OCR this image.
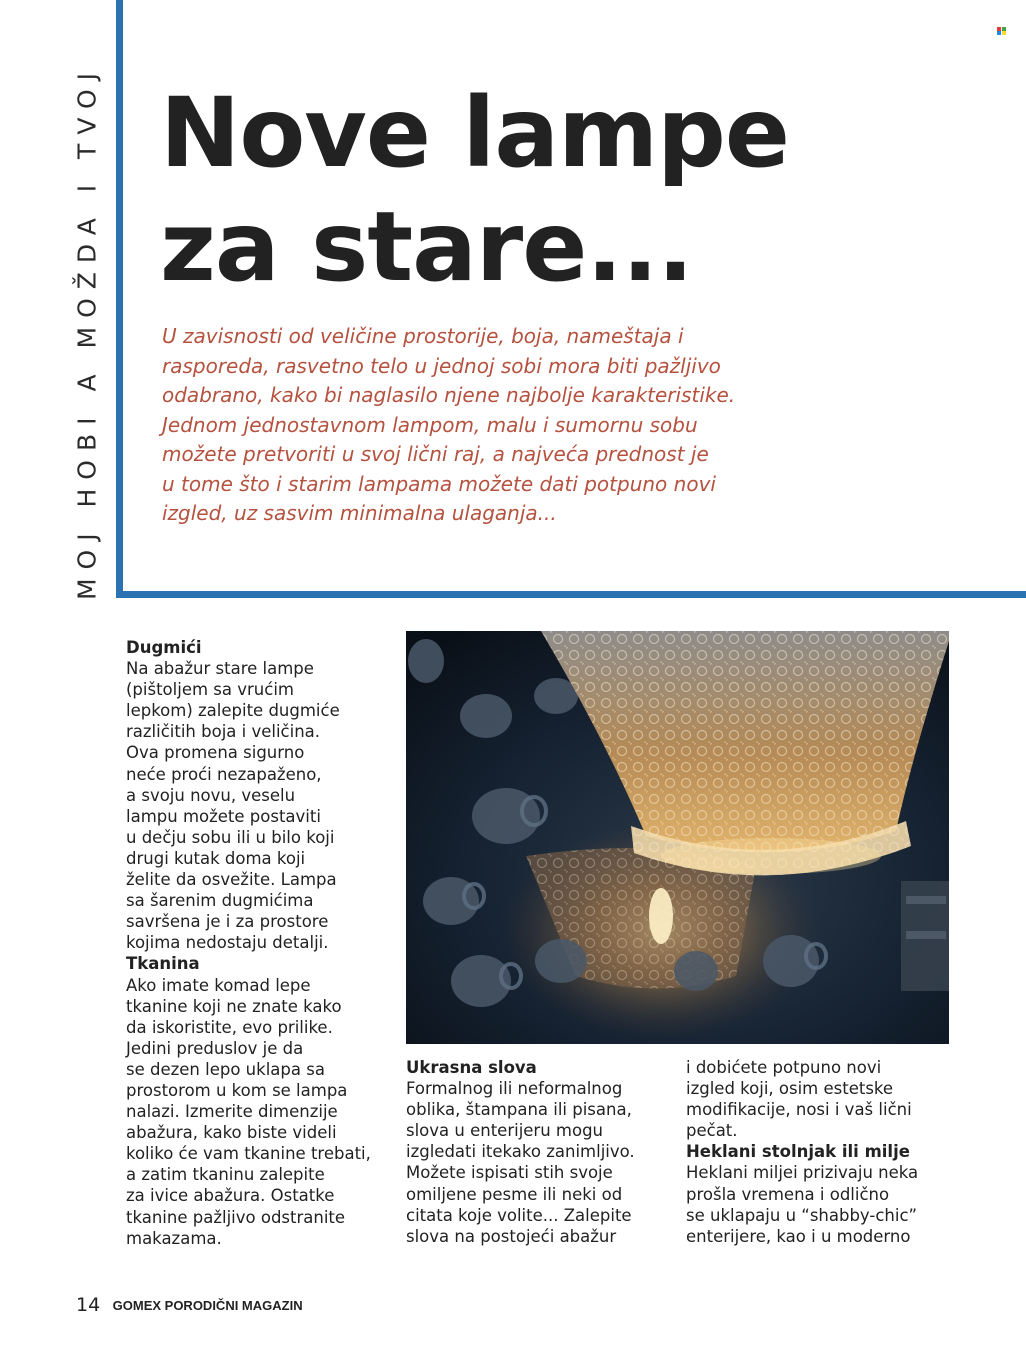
MOJ HOBI A MOŽDA I TVOJ Nove lampe
za stare...

U zavisnosti od veličine prostorije, boja, nameštaja i
rasporeda, rasvetno telo u jednoj sobi mora biti pažljivo
odabrano, kako bi naglasilo njene najbolje karakteristike.
Jednom jednostavnom lampom, malu i sumornu sobu
možete pretvoriti u svoj lični raj, a najveća prednost je
u tome što i starim lampama možete dati potpuno novi
izgled, uz sasvim minimalna ulaganja...

Dugmići
Na abažur stare lampe
(pištoljem sa vrućim
lepkom) zalepite dugmiće
različitih boja i veličina.
Ova promena sigurno
neće proći nezapaženo,
a svoju novu, veselu
lampu možete postaviti
u dečju sobu ili u bilo koji
drugi kutak doma koji
želite da osvežite. Lampa
sa šarenim dugmićima
savršena je i za prostore
kojima nedostaju detalji.
Tkanina
Ako imate komad lepe
tkanine koji ne znate kako
da iskoristite, evo prilike.
Jedini preduslov je da
se dezen lepo uklapa sa
prostorom u kom se lampa
nalazi. Izmerite dimenzije
abažura, kako biste videli
koliko će vam tkanine trebati,
a zatim tkaninu zalepite
za ivice abažura. Ostatke
tkanine pažljivo odstranite
makazama.
Ukrasna slova
Formalnog ili neformalnog
oblika, štampana ili pisana,
slova u enterijeru mogu
izgledati itekako zanimljivo.
Možete ispisati stih svoje
omiljene pesme ili neki od
citata koje volite... Zalepite
slova na postojeći abažur
i dobićete potpuno novi
izgled koji, osim estetske
modifikacije, nosi i vaš lični
pečat.
Heklani stolnjak ili milje
Heklani miljei prizivaju neka
prošla vremena i odlično
se uklapaju u “shabby-chic”
enterijere, kao i u moderno
14 GOMEX PORODIČNI MAGAZIN
